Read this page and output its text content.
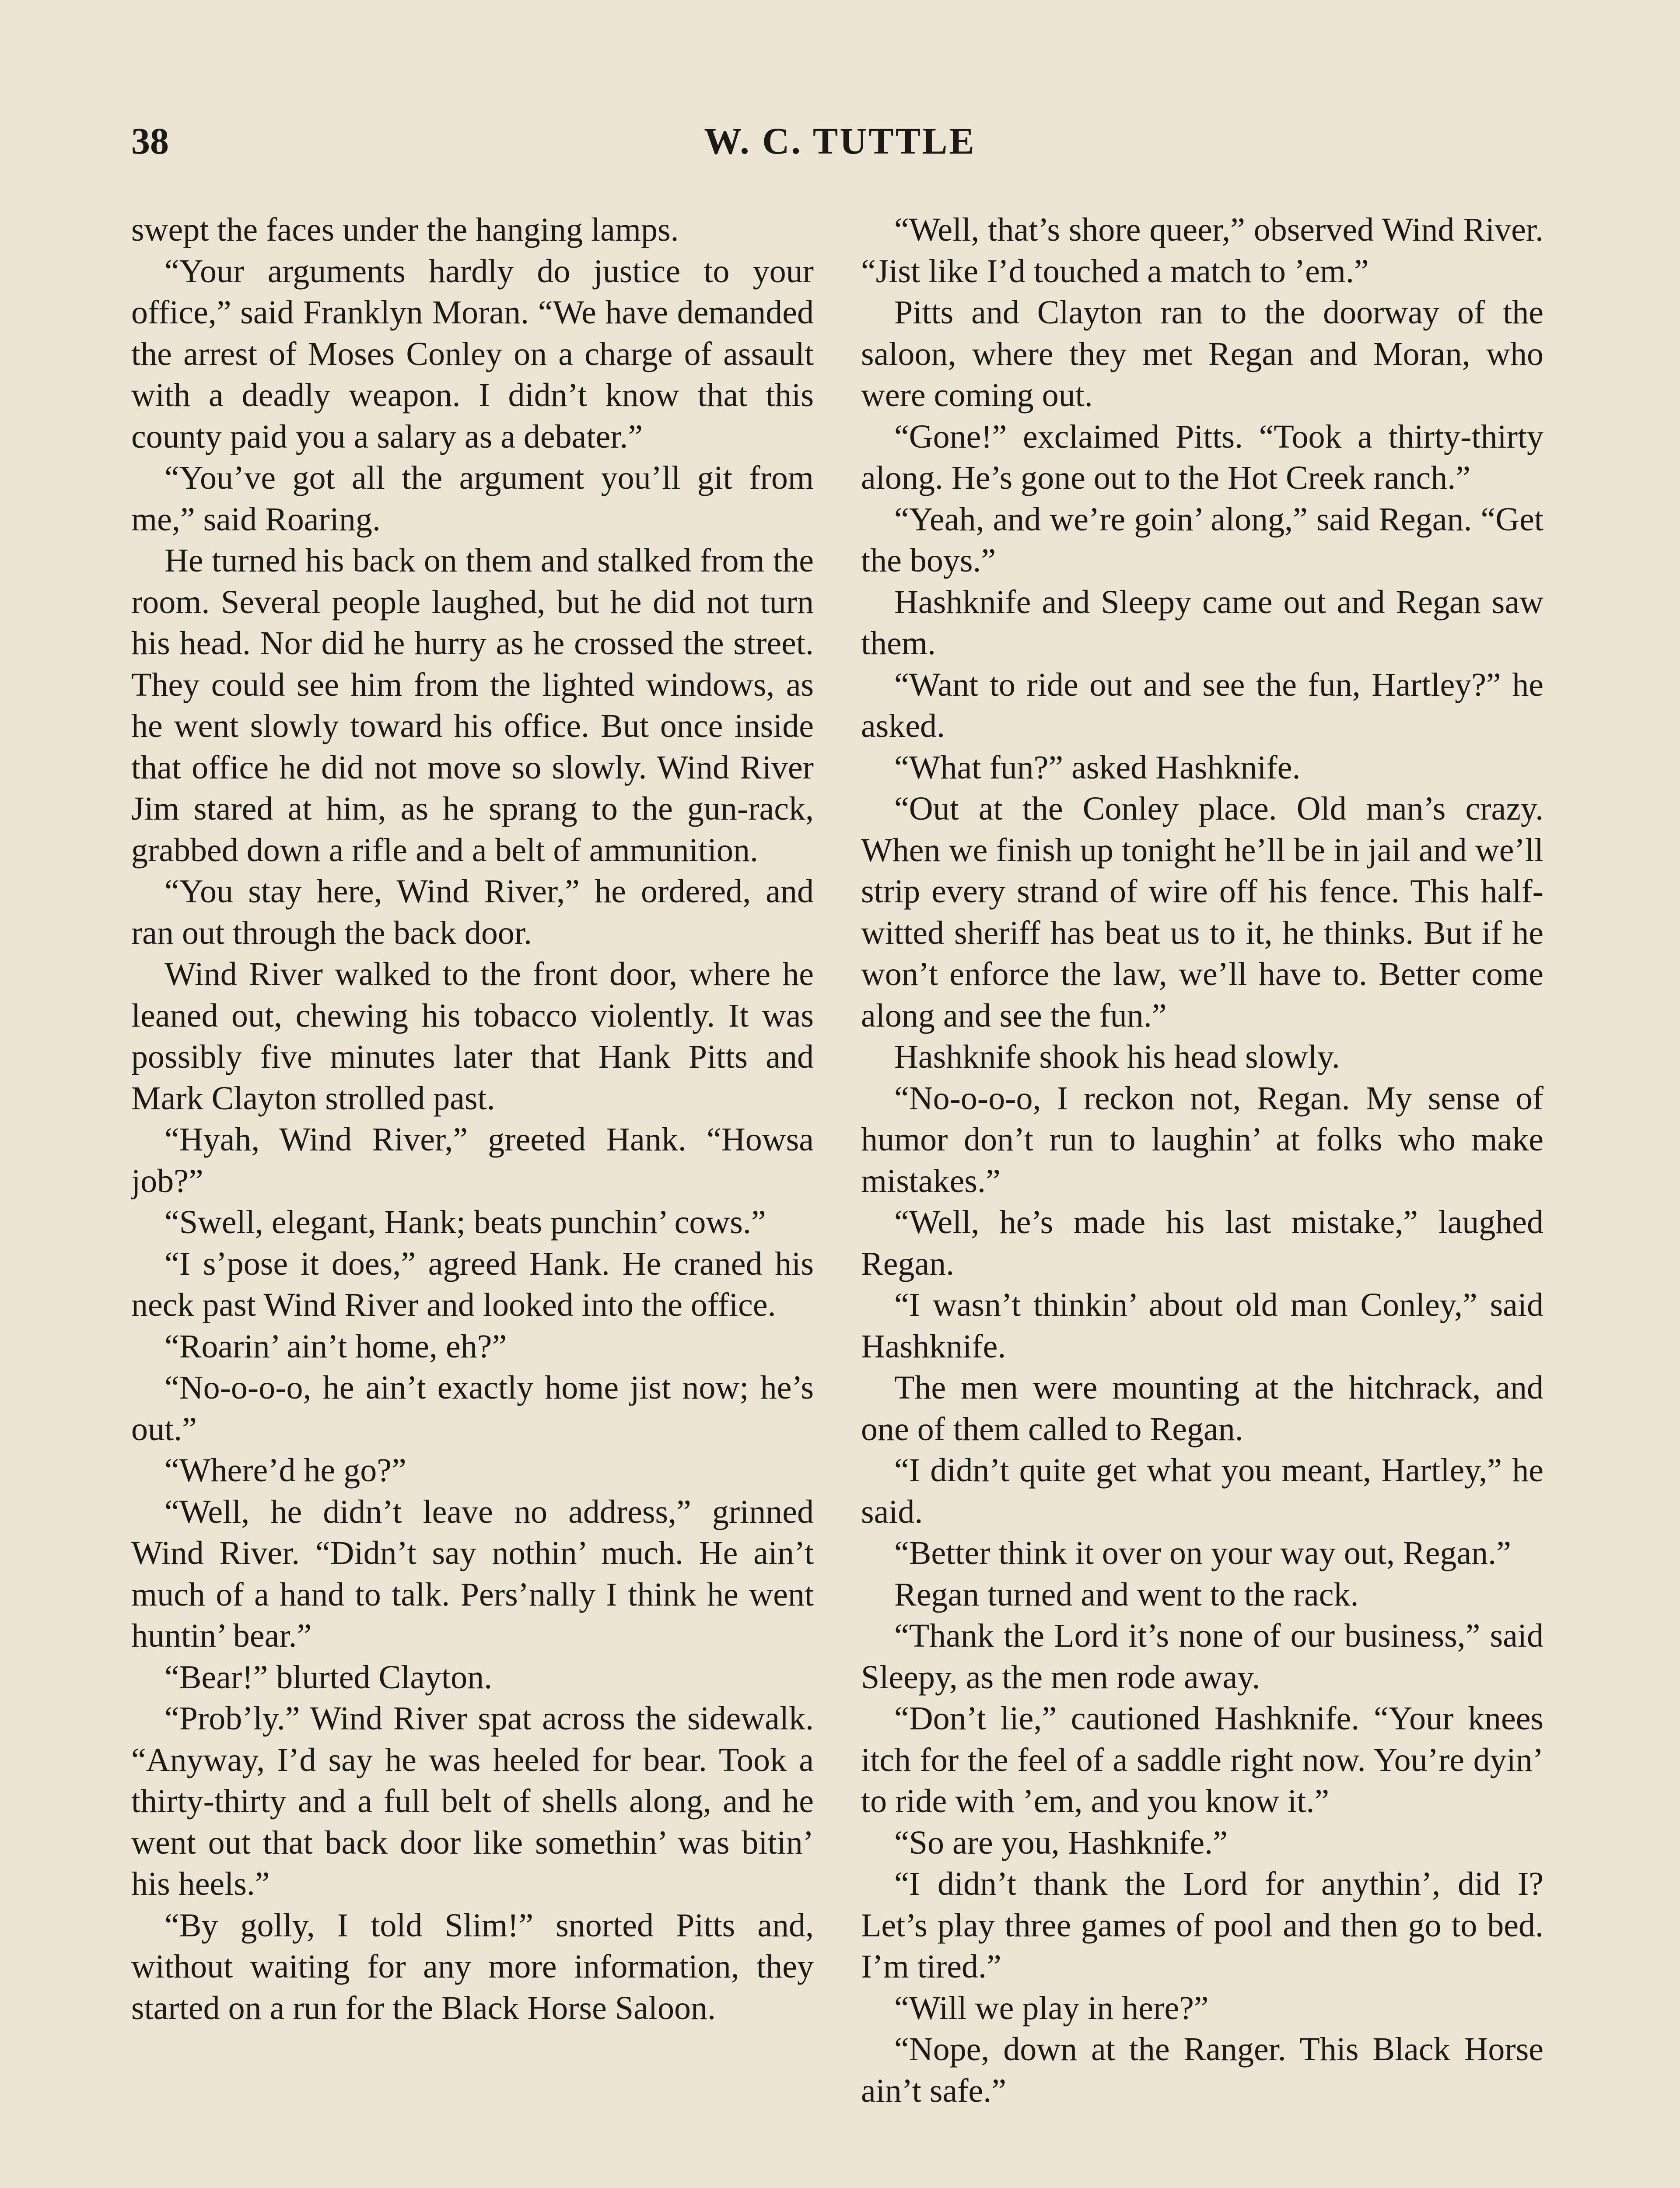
38	W. C. TUTTLE

swept the faces under the hanging lamps.

“Your arguments hardly do justice to your office,” said Franklyn Moran. “We have demanded the arrest of Moses Conley on a charge of assault with a deadly weapon. I didn’t know that this county paid you a salary as a debater.”

“You’ve got all the argument you’ll git from me,” said Roaring.

He turned his back on them and stalked from the room. Several people laughed, but he did not turn his head. Nor did he hurry as he crossed the street. They could see him from the lighted windows, as he went slowly toward his office. But once inside that office he did not move so slowly. Wind River Jim stared at him, as he sprang to the gun-rack, grabbed down a rifle and a belt of ammunition.

“You stay here, Wind River,” he ordered, and ran out through the back door.

Wind River walked to the front door, where he leaned out, chewing his tobacco violently. It was possibly five minutes later that Hank Pitts and Mark Clayton strolled past.

“Hyah, Wind River,” greeted Hank. “Howsa job?”

“Swell, elegant, Hank; beats punchin’ cows.”

“I s’pose it does,” agreed Hank. He craned his neck past Wind River and looked into the office.

“Roarin’ ain’t home, eh?”

“No-o-o-o, he ain’t exactly home jist now; he’s out.”

“Where’d he go?”

“Well, he didn’t leave no address,” grinned Wind River. “Didn’t say nothin’ much. He ain’t much of a hand to talk. Pers’nally I think he went huntin’ bear.”

“Bear!” blurted Clayton.

“Prob’ly.” Wind River spat across the sidewalk. “Anyway, I’d say he was heeled for bear. Took a thirty-thirty and a full belt of shells along, and he went out that back door like somethin’ was bitin’ his heels.”

“By golly, I told Slim!” snorted Pitts and, without waiting for any more information, they started on a run for the Black Horse Saloon.

“Well, that’s shore queer,” observed Wind River. “Jist like I’d touched a match to ’em.”

Pitts and Clayton ran to the doorway of the saloon, where they met Regan and Moran, who were coming out.

“Gone!” exclaimed Pitts. “Took a thirty-thirty along. He’s gone out to the Hot Creek ranch.”

“Yeah, and we’re goin’ along,” said Regan. “Get the boys.”

Hashknife and Sleepy came out and Regan saw them.

“Want to ride out and see the fun, Hartley?” he asked.

“What fun?” asked Hashknife.

“Out at the Conley place. Old man’s crazy. When we finish up tonight he’ll be in jail and we’ll strip every strand of wire off his fence. This half-witted sheriff has beat us to it, he thinks. But if he won’t enforce the law, we’ll have to. Better come along and see the fun.”

Hashknife shook his head slowly.

“No-o-o-o, I reckon not, Regan. My sense of humor don’t run to laughin’ at folks who make mistakes.”

“Well, he’s made his last mistake,” laughed Regan.

“I wasn’t thinkin’ about old man Conley,” said Hashknife.

The men were mounting at the hitchrack, and one of them called to Regan.

“I didn’t quite get what you meant, Hartley,” he said.

“Better think it over on your way out, Regan.”

Regan turned and went to the rack.

“Thank the Lord it’s none of our business,” said Sleepy, as the men rode away.

“Don’t lie,” cautioned Hashknife. “Your knees itch for the feel of a saddle right now. You’re dyin’ to ride with ’em, and you know it.”

“So are you, Hashknife.”

“I didn’t thank the Lord for anythin’, did I? Let’s play three games of pool and then go to bed. I’m tired.”

“Will we play in here?”

“Nope, down at the Ranger. This Black Horse ain’t safe.”
